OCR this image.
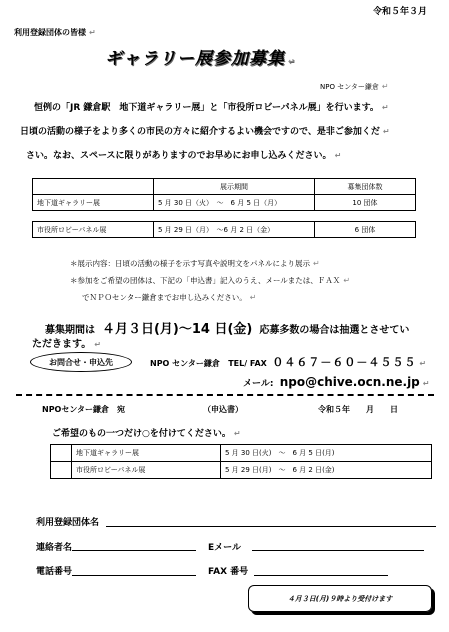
令和５年３月
利用登録団体の皆様 ↵
ギャラリー展参加募集 ↵
NPO センター鎌倉 ↵
恒例の「JR 鎌倉駅　地下道ギャラリー展」と「市役所ロビーパネル展」を行います。 ↵
日頃の活動の様子をより多くの市民の方々に紹介するよい機会ですので、是非ご参加くだ ↵
さい。なお、スペースに限りがありますのでお早めにお申し込みください。 ↵
	展示期間	募集団体数
地下道ギャラリー展	5 月 30 日（火）　～　6 月 5 日（月）	10 団体

市役所ロビーパネル展	5 月 29 日（月）　～6 月 2 日（金）	6 団体
＊展示内容：日頃の活動の様子を示す写真や説明文をパネルにより展示 ↵
＊参加をご希望の団体は、下記の「申込書」記入のうえ、メールまたは、ＦＡＸ ↵
でＮＰＯセンター鎌倉までお申し込みください。 ↵
募集期間は ４月３日(月)～14 日(金) 応募多数の場合は抽選とさせてい
ただきます。 ↵
お問合せ・申込先	NPO センター鎌倉 TEL/ FAX ０４６７－６０－４５５５ ↵
メール: npo@chive.ocn.ne.jp ↵
NPOセンター鎌倉　宛	（申込書）	令和５年　　月　　日
ご希望のもの一つだけ○を付けてください。 ↵
	地下道ギャラリー展	5 月 30 日(火)　～　6 月 5 日(月)
	市役所ロビーパネル展	5 月 29 日(月)　～　6 月 2 日(金)
利用登録団体名
連絡者名	Eメール
電話番号	FAX 番号
４月３日(月)９時より受付けます
